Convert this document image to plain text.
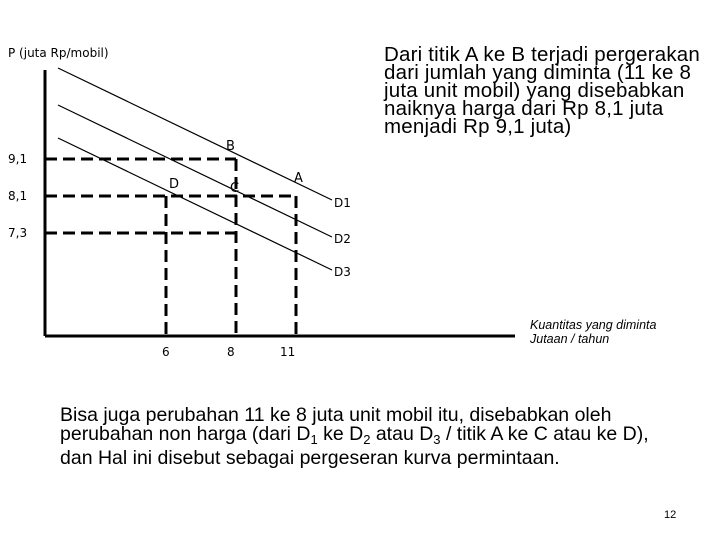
P (juta Rp/mobil)
9,1
8,1
7,3
6	8	11
D1
D2
D3
B
A
D	C

Dari titik A ke B terjadi pergerakan dari jumlah yang diminta (11 ke 8 juta unit mobil) yang disebabkan naiknya harga dari Rp 8,1 juta menjadi Rp 9,1 juta)

Kuantitas yang diminta
Jutaan / tahun

Bisa juga perubahan 11 ke 8 juta unit mobil itu, disebabkan oleh perubahan non harga (dari $D_1$ ke $D_2$ atau $D_3$ / titik A ke C atau ke D), dan Hal ini disebut sebagai pergeseran kurva permintaan.

12
